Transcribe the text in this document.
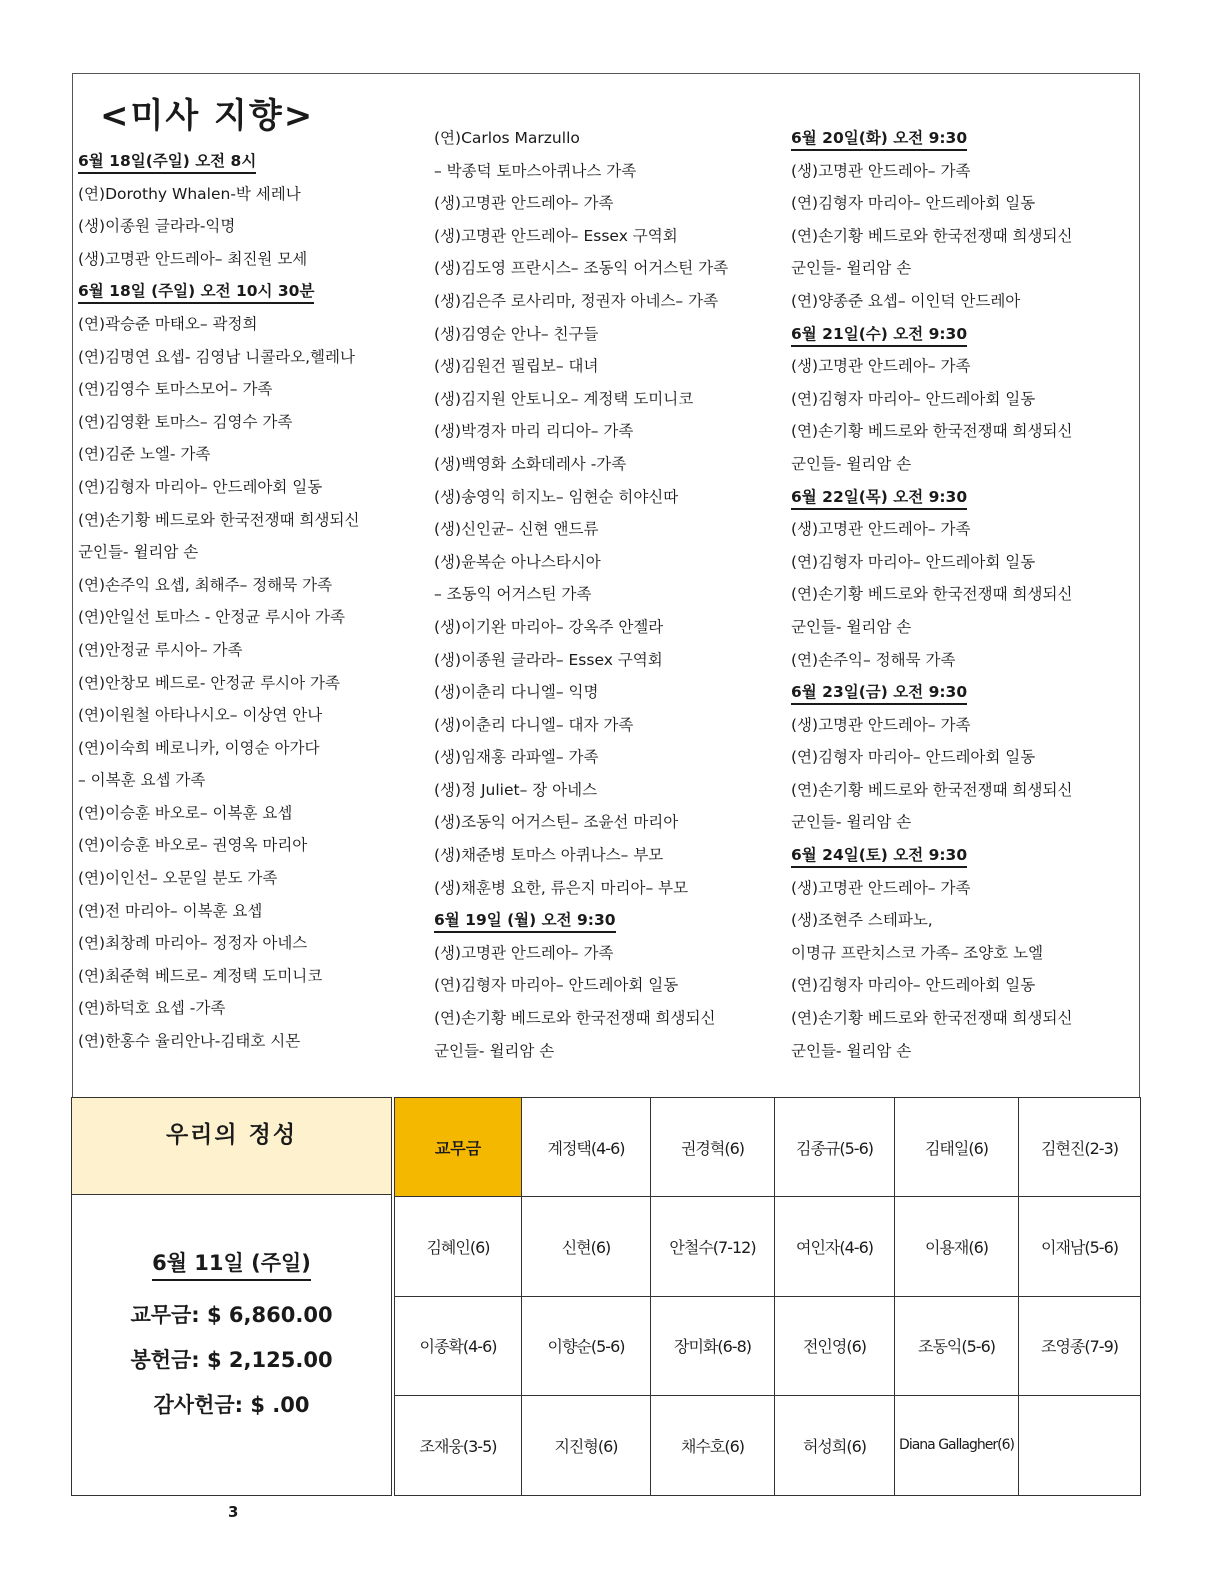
<미사 지향>
6월 18일(주일) 오전 8시
(연)Dorothy Whalen-박 세레나
(생)이종원 글라라-익명
(생)고명관 안드레아– 최진원 모세
6월 18일 (주일) 오전 10시 30분
(연)곽승준 마태오– 곽정희
(연)김명연 요셉- 김영남 니콜라오,헬레나
(연)김영수 토마스모어– 가족
(연)김영환 토마스– 김영수 가족
(연)김준 노엘- 가족
(연)김형자 마리아– 안드레아회 일동
(연)손기황 베드로와 한국전쟁때 희생되신
군인들- 윌리암 손
(연)손주익 요셉, 최해주– 정해묵 가족
(연)안일선 토마스 - 안정균 루시아 가족
(연)안정균 루시아– 가족
(연)안창모 베드로- 안정균 루시아 가족
(연)이원철 아타나시오– 이상연 안나
(연)이숙희 베로니카, 이영순 아가다
– 이복훈 요셉 가족
(연)이승훈 바오로– 이복훈 요셉
(연)이승훈 바오로– 권영옥 마리아
(연)이인선– 오문일 분도 가족
(연)전 마리아– 이복훈 요셉
(연)최창례 마리아– 정정자 아네스
(연)최준혁 베드로– 계정택 도미니코
(연)하덕호 요셉 -가족
(연)한홍수 율리안나-김태호 시몬
(연)Carlos Marzullo
– 박종덕 토마스아퀴나스 가족
(생)고명관 안드레아– 가족
(생)고명관 안드레아– Essex 구역회
(생)김도영 프란시스– 조동익 어거스틴 가족
(생)김은주 로사리마, 정권자 아네스– 가족
(생)김영순 안나– 친구들
(생)김원건 필립보– 대녀
(생)김지원 안토니오– 계정택 도미니코
(생)박경자 마리 리디아– 가족
(생)백영화 소화데레사 -가족
(생)송영익 히지노– 임현순 히야신따
(생)신인균– 신현 앤드류
(생)윤복순 아나스타시아
– 조동익 어거스틴 가족
(생)이기완 마리아– 강옥주 안젤라
(생)이종원 글라라– Essex 구역회
(생)이춘리 다니엘– 익명
(생)이춘리 다니엘– 대자 가족
(생)임재홍 라파엘– 가족
(생)정 Juliet– 장 아네스
(생)조동익 어거스틴– 조윤선 마리아
(생)채준병 토마스 아퀴나스– 부모
(생)채훈병 요한, 류은지 마리아– 부모
6월 19일 (월) 오전 9:30
(생)고명관 안드레아– 가족
(연)김형자 마리아– 안드레아회 일동
(연)손기황 베드로와 한국전쟁때 희생되신
군인들- 윌리암 손
6월 20일(화) 오전 9:30
(생)고명관 안드레아– 가족
(연)김형자 마리아– 안드레아회 일동
(연)손기황 베드로와 한국전쟁때 희생되신
군인들- 윌리암 손
(연)양종준 요셉– 이인덕 안드레아
6월 21일(수) 오전 9:30
(생)고명관 안드레아– 가족
(연)김형자 마리아– 안드레아회 일동
(연)손기황 베드로와 한국전쟁때 희생되신
군인들- 윌리암 손
6월 22일(목) 오전 9:30
(생)고명관 안드레아– 가족
(연)김형자 마리아– 안드레아회 일동
(연)손기황 베드로와 한국전쟁때 희생되신
군인들- 윌리암 손
(연)손주익– 정해묵 가족
6월 23일(금) 오전 9:30
(생)고명관 안드레아– 가족
(연)김형자 마리아– 안드레아회 일동
(연)손기황 베드로와 한국전쟁때 희생되신
군인들- 윌리암 손
6월 24일(토) 오전 9:30
(생)고명관 안드레아– 가족
(생)조현주 스테파노,
이명규 프란치스코 가족– 조양호 노엘
(연)김형자 마리아– 안드레아회 일동
(연)손기황 베드로와 한국전쟁때 희생되신
군인들- 윌리암 손
우리의 정성
6월 11일 (주일)
교무금: $ 6,860.00
봉헌금: $ 2,125.00
감사헌금: $ .00
교무금	계정택(4-6)	권경혁(6)	김종규(5-6)	김태일(6)	김현진(2-3)
김혜인(6)	신현(6)	안철수(7-12)	여인자(4-6)	이용재(6)	이재남(5-6)
이종확(4-6)	이향순(5-6)	장미화(6-8)	전인영(6)	조동익(5-6)	조영종(7-9)
조재웅(3-5)	지진형(6)	채수호(6)	허성희(6)	Diana Gallagher(6)
3
